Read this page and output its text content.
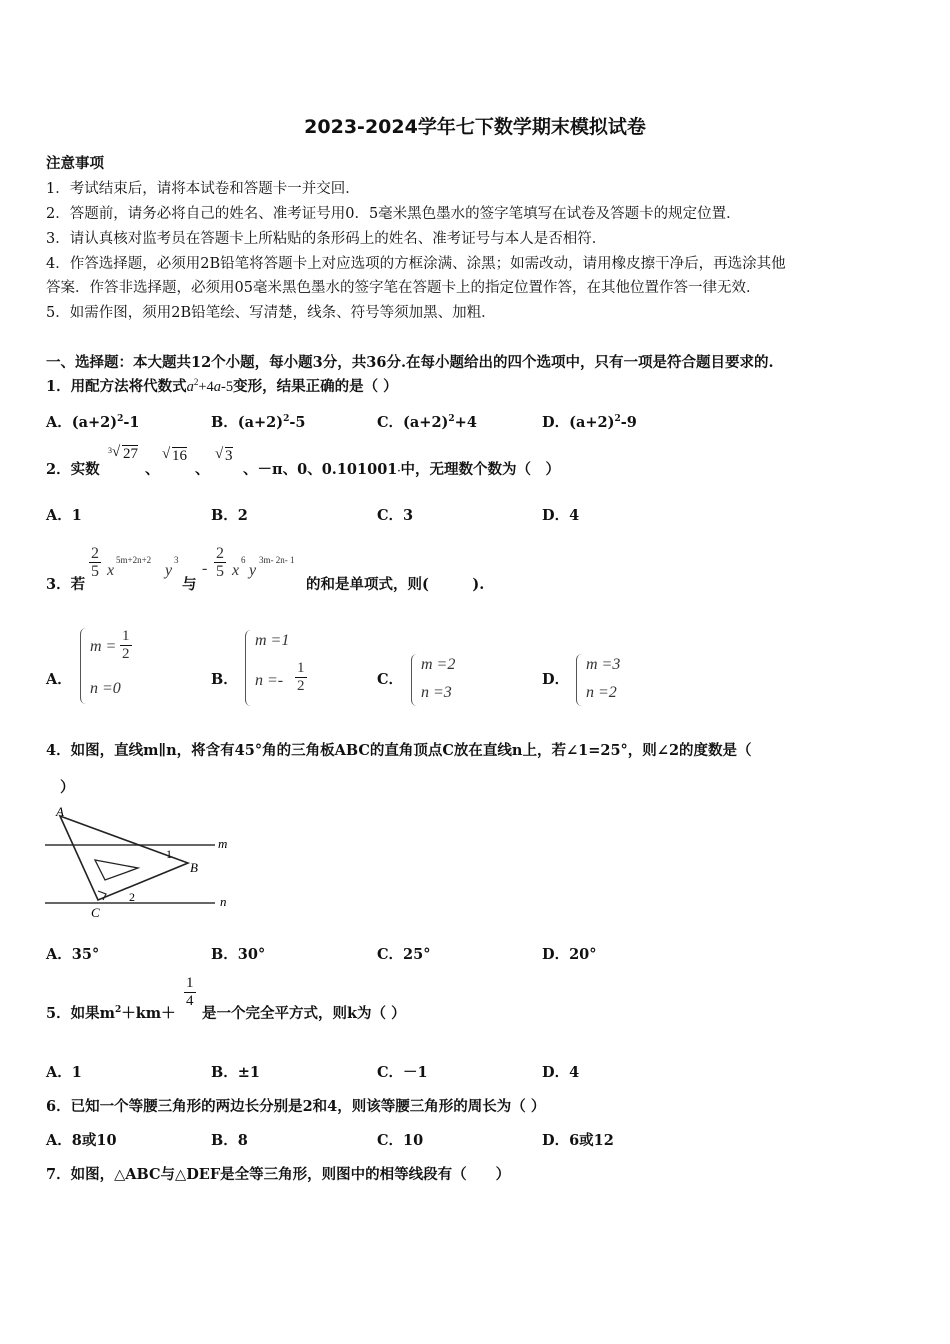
2023-2024学年七下数学期末模拟试卷
注意事项
1．考试结束后，请将本试卷和答题卡一并交回．
2．答题前，请务必将自己的姓名、准考证号用0．5毫米黑色墨水的签字笔填写在试卷及答题卡的规定位置．
3．请认真核对监考员在答题卡上所粘贴的条形码上的姓名、准考证号与本人是否相符．
4．作答选择题，必须用2B铅笔将答题卡上对应选项的方框涂满、涂黑；如需改动，请用橡皮擦干净后，再选涂其他
答案．作答非选择题，必须用05毫米黑色墨水的签字笔在答题卡上的指定位置作答，在其他位置作答一律无效．
5．如需作图，须用2B铅笔绘、写清楚，线条、符号等须加黑、加粗．
一、选择题：本大题共12个小题，每小题3分，共36分.在每小题给出的四个选项中，只有一项是符合题目要求的.
1．用配方法将代数式$a^2+4a-5$变形，结果正确的是（ ）
A．$(a+2)^2-1$	B．$(a+2)^2-5$	C．$(a+2)^2+4$	D．$(a+2)^2-9$
2．实数
3 √ 27
、
√ 16
、
√ 3
、－π、0、0.101001·中，无理数个数为（　）
A．1	B．2	C．3	D．4
3．若
$\frac{2}{5}$ x
5m+2n+2
y
3
与
- $\frac{2}{5}$ x
6
y
3m- 2n- 1
的和是单项式，则(　　　).
A．
$m = \frac{1}{2}$
n =0
B．
m =1
$n =- \frac{1}{2}$	C．
m =2
n =3
D．
m =3
n =2
4．如图，直线m∥n，将含有45°角的三角板ABC的直角顶点C放在直线n上，若∠1=25°，则∠2的度数是（
）
A
B
C
m
n
1
2
A．35°	B．30°	C．25°	D．20°
5．如果$m^2+km+$
$\frac{1}{4}$
是一个完全平方式，则k为（ ）
A．1	B．±1	C．－1	D．4
6．已知一个等腰三角形的两边长分别是2和4，则该等腰三角形的周长为（ ）
A．8或10	B．8	C．10	D．6或12
7．如图，△ABC与△DEF是全等三角形，则图中的相等线段有（　　）
